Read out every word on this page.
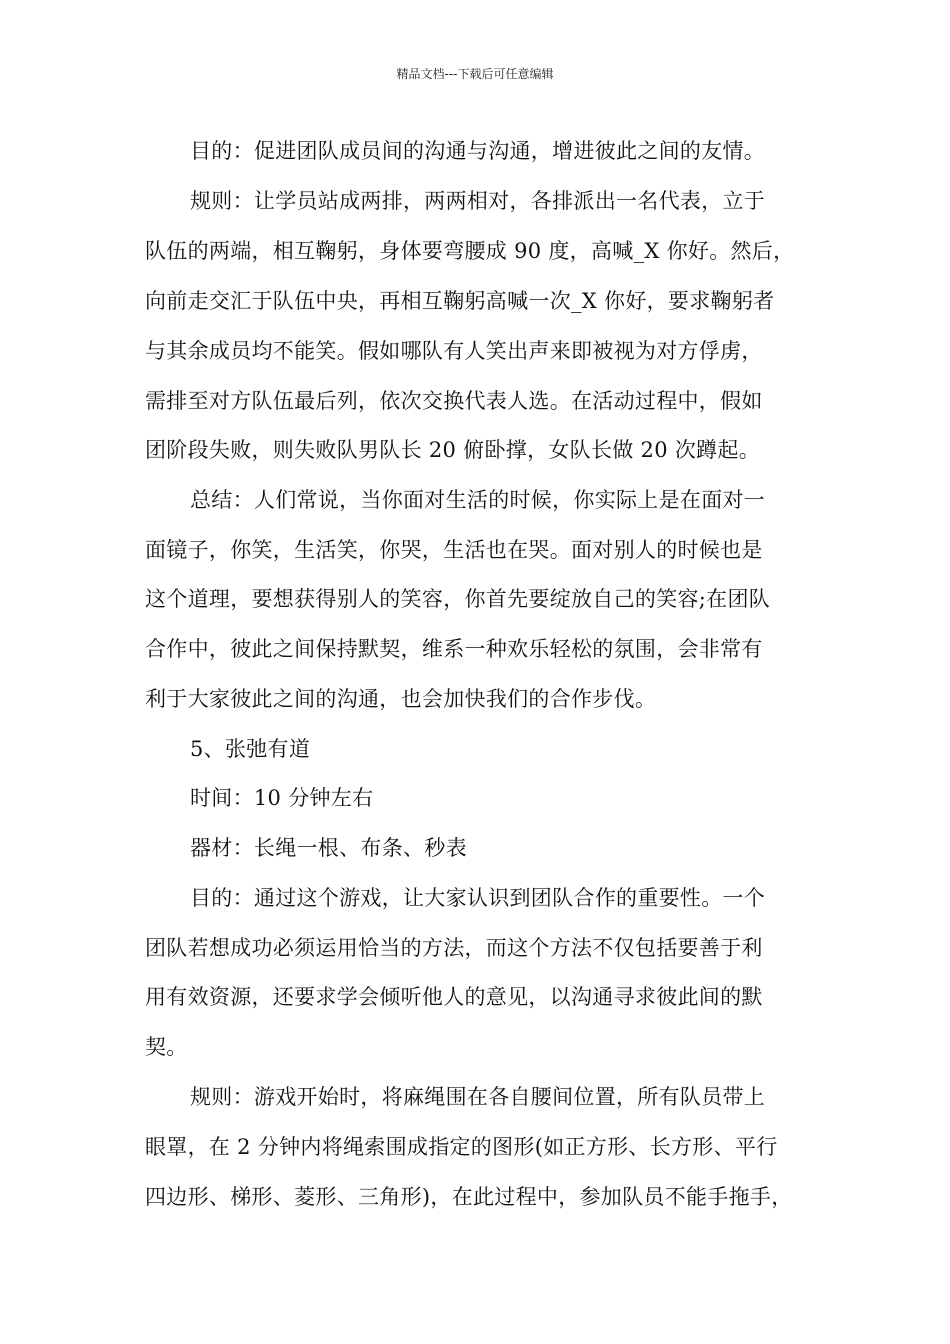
精品文档---下载后可任意编辑
目的：促进团队成员间的沟通与沟通，增进彼此之间的友情。
规则：让学员站成两排，两两相对，各排派出一名代表，立于
队伍的两端，相互鞠躬，身体要弯腰成 90 度，高喊_X 你好。然后，
向前走交汇于队伍中央，再相互鞠躬高喊一次_X 你好，要求鞠躬者
与其余成员均不能笑。假如哪队有人笑出声来即被视为对方俘虏，
需排至对方队伍最后列，依次交换代表人选。在活动过程中，假如
团阶段失败，则失败队男队长 20 俯卧撑，女队长做 20 次蹲起。
总结：人们常说，当你面对生活的时候，你实际上是在面对一
面镜子，你笑，生活笑，你哭，生活也在哭。面对别人的时候也是
这个道理，要想获得别人的笑容，你首先要绽放自己的笑容;在团队
合作中，彼此之间保持默契，维系一种欢乐轻松的氛围，会非常有
利于大家彼此之间的沟通，也会加快我们的合作步伐。
5、张弛有道
时间：10 分钟左右
器材：长绳一根、布条、秒表
目的：通过这个游戏，让大家认识到团队合作的重要性。一个
团队若想成功必须运用恰当的方法，而这个方法不仅包括要善于利
用有效资源，还要求学会倾听他人的意见，以沟通寻求彼此间的默
契。
规则：游戏开始时，将麻绳围在各自腰间位置，所有队员带上
眼罩，在 2 分钟内将绳索围成指定的图形(如正方形、长方形、平行
四边形、梯形、菱形、三角形)，在此过程中，参加队员不能手拖手，
